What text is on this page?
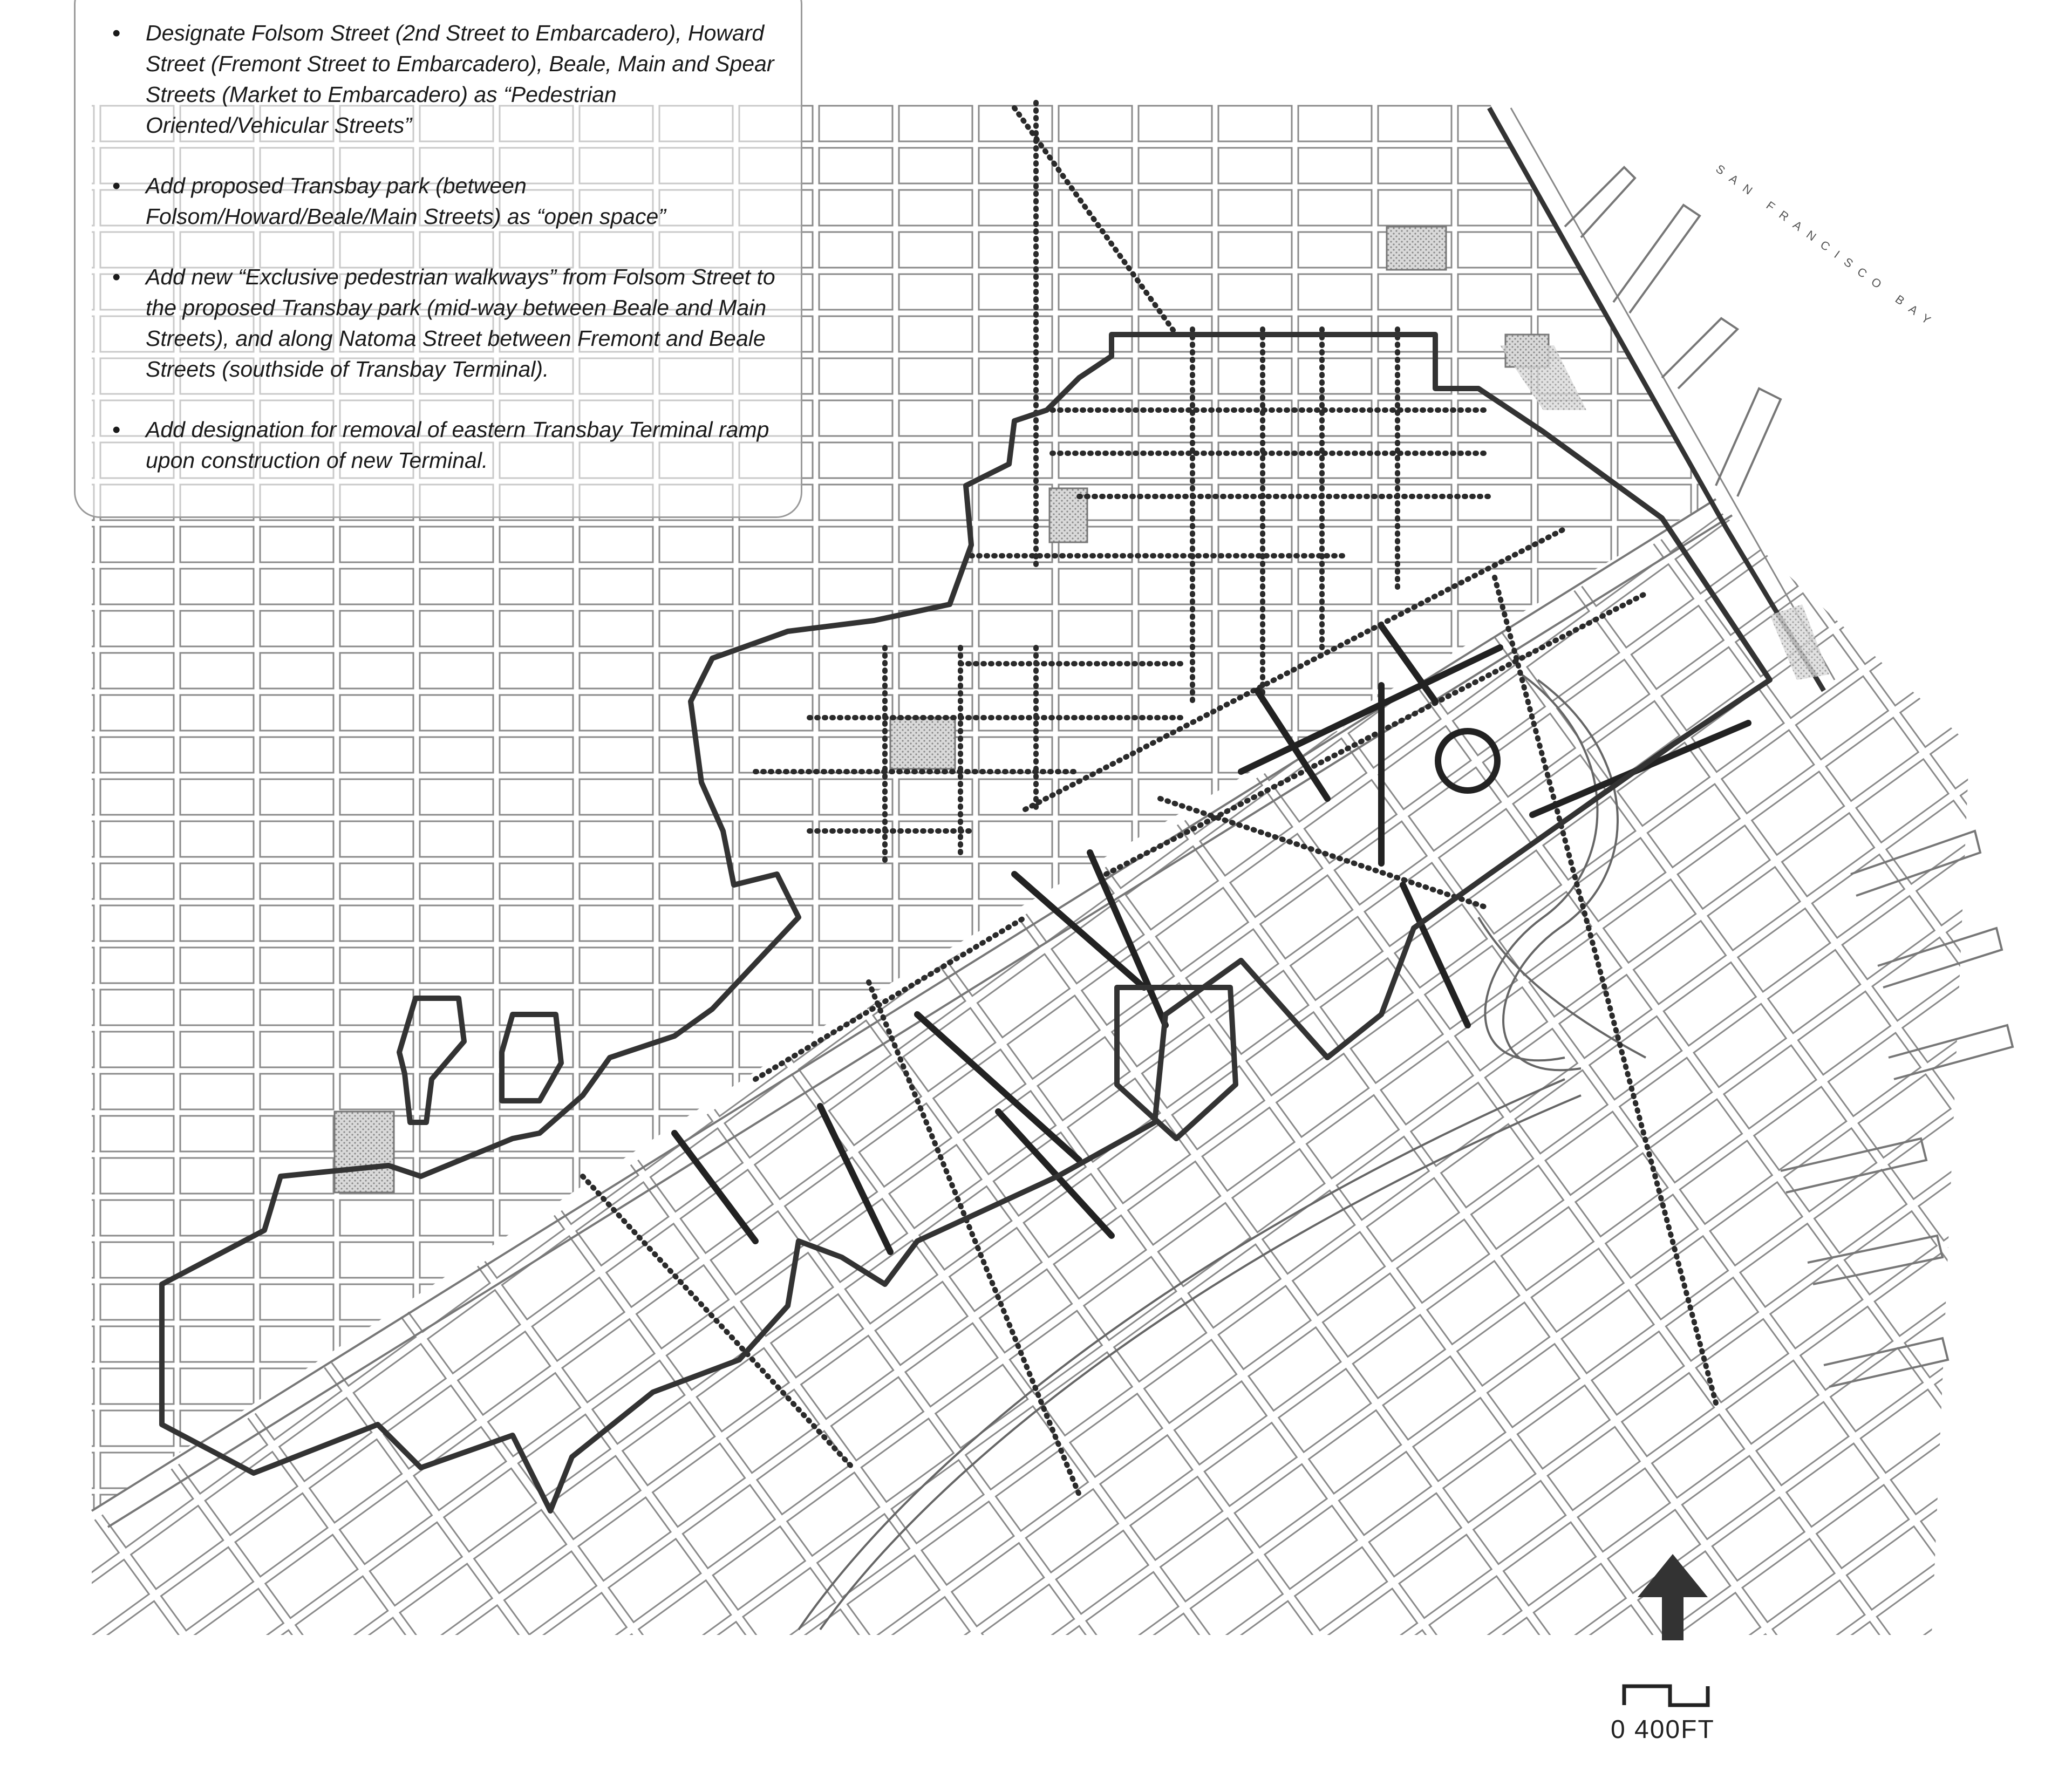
• Designate Folsom Street (2nd Street to Embarcadero), Howard Street (Fremont Street to Embarcadero), Beale, Main and Spear Streets (Market to Embarcadero) as “Pedestrian Oriented/Vehicular Streets”
• Add proposed Transbay park (between Folsom/Howard/Beale/Main Streets) as “open space”
• Add new “Exclusive pedestrian walkways” from Folsom Street to the proposed Transbay park (mid-way between Beale and Main Streets), and along Natoma Street between Fremont and Beale Streets (southside of Transbay Terminal).
• Add designation for removal of eastern Transbay Terminal ramp upon construction of new Terminal.
SAN FRANCISCO BAY
0 400FT
